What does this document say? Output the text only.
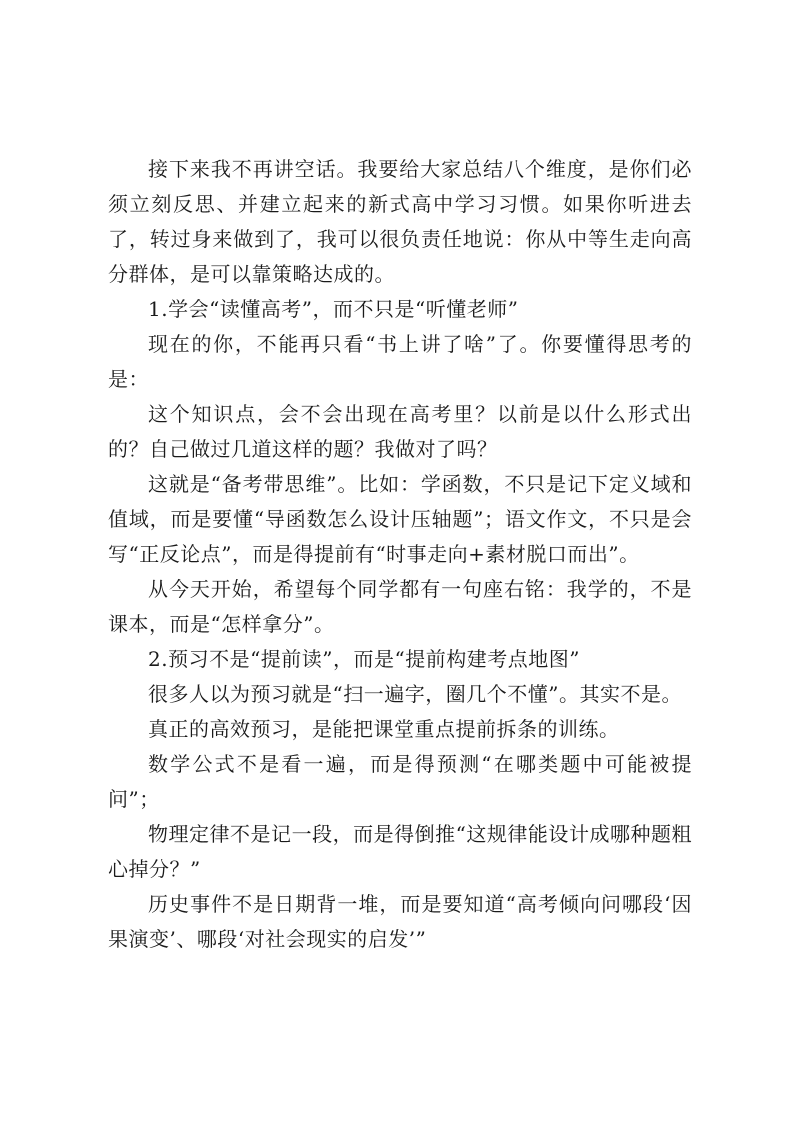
接下来我不再讲空话。我要给大家总结八个维度，是你们必须立刻反思、并建立起来的新式高中学习习惯。如果你听进去了，转过身来做到了，我可以很负责任地说：你从中等生走向高分群体，是可以靠策略达成的。

1.学会“读懂高考”，而不只是“听懂老师”

现在的你，不能再只看“书上讲了啥”了。你要懂得思考的是：

这个知识点，会不会出现在高考里？以前是以什么形式出的？自己做过几道这样的题？我做对了吗？

这就是“备考带思维”。比如：学函数，不只是记下定义域和值域，而是要懂“导函数怎么设计压轴题”；语文作文，不只是会写“正反论点”，而是得提前有“时事走向+素材脱口而出”。

从今天开始，希望每个同学都有一句座右铭：我学的，不是课本，而是“怎样拿分”。

2.预习不是“提前读”，而是“提前构建考点地图”

很多人以为预习就是“扫一遍字，圈几个不懂”。其实不是。

真正的高效预习，是能把课堂重点提前拆条的训练。

数学公式不是看一遍，而是得预测“在哪类题中可能被提问”；

物理定律不是记一段，而是得倒推“这规律能设计成哪种题粗心掉分？”

历史事件不是日期背一堆，而是要知道“高考倾向问哪段‘因果演变’、哪段‘对社会现实的启发’”
